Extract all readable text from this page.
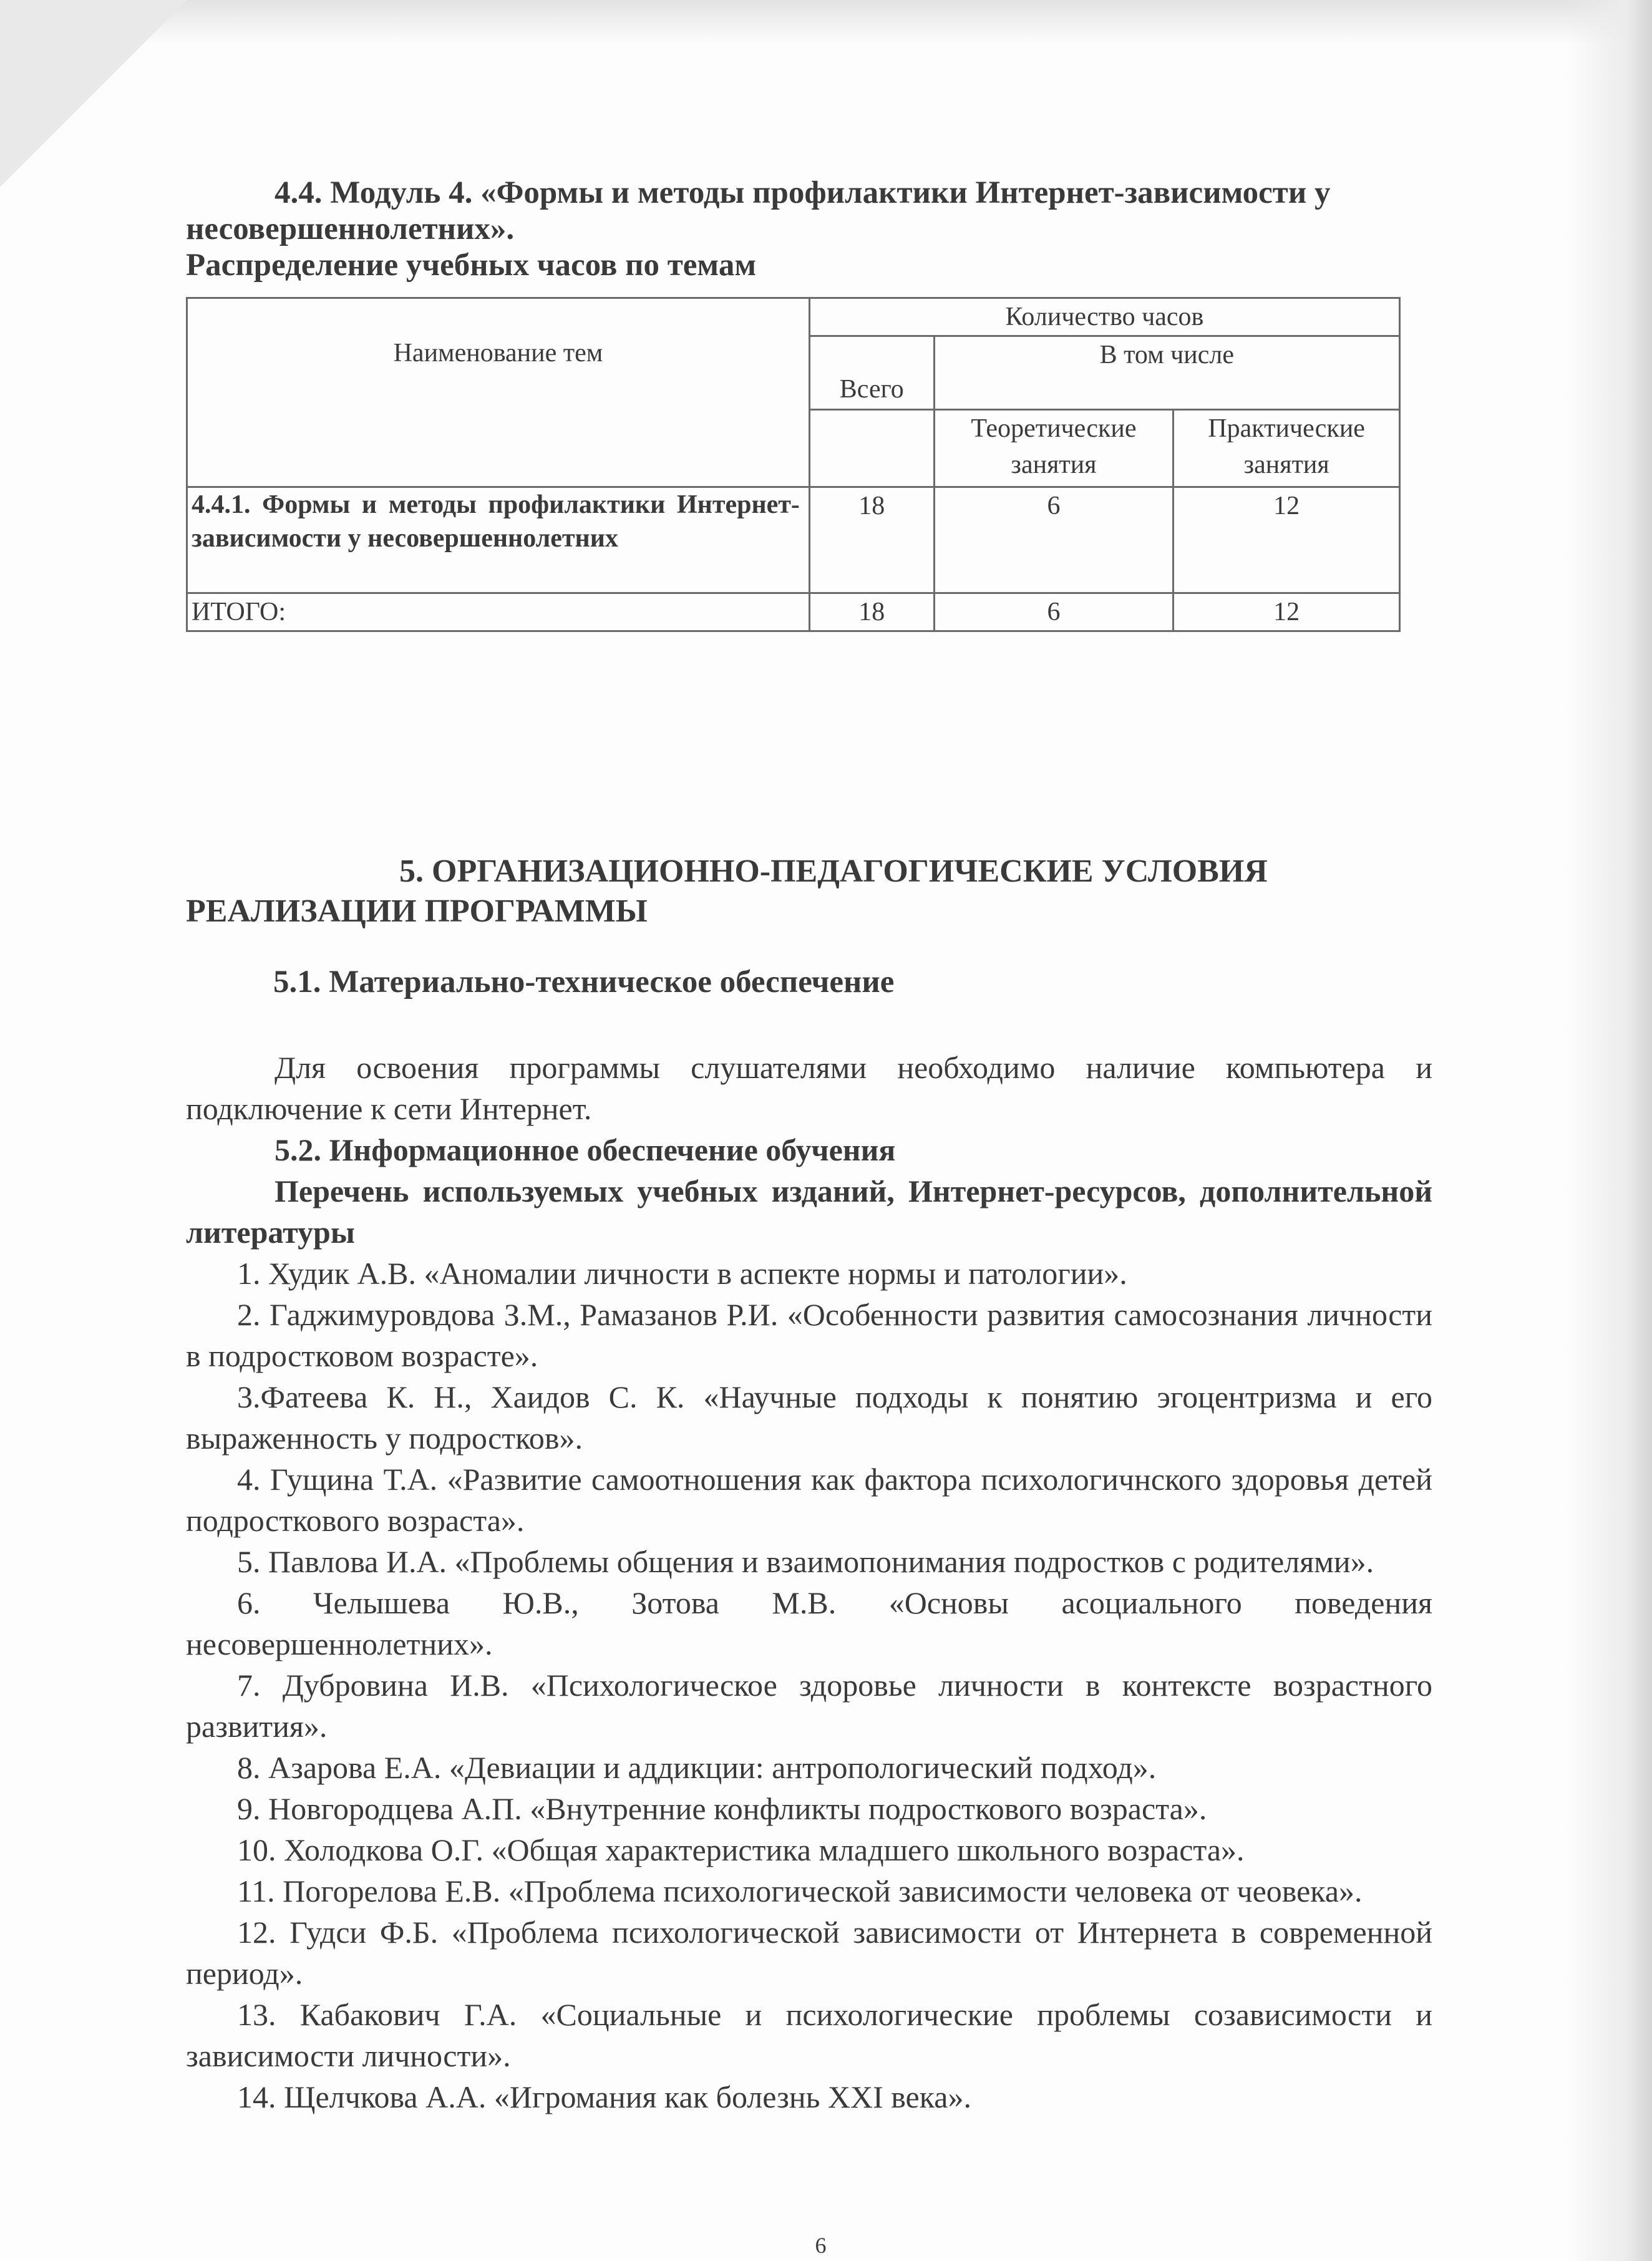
4.4. Модуль 4. «Формы и методы профилактики Интернет-зависимости у несовершеннолетних».

Распределение учебных часов по темам

Наименование тем	Количество часов		
	Всего	В том числе	
		Теоретические занятия	Практические занятия
4.4.1. Формы и методы профилактики Интернет-зависимости у несовершеннолетних	18	6	12
ИТОГО:	18	6	12

5. ОРГАНИЗАЦИОННО-ПЕДАГОГИЧЕСКИЕ УСЛОВИЯ РЕАЛИЗАЦИИ ПРОГРАММЫ

5.1. Материально-техническое обеспечение

Для освоения программы слушателями необходимо наличие компьютера и подключение к сети Интернет.

5.2. Информационное обеспечение обучения

Перечень используемых учебных изданий, Интернет-ресурсов, дополнительной литературы

1. Худик А.В. «Аномалии личности в аспекте нормы и патологии».

2. Гаджимуровдова З.М., Рамазанов Р.И. «Особенности развития самосознания личности в подростковом возрасте».

3.Фатеева К. Н., Хаидов С. К. «Научные подходы к понятию эгоцентризма и его выраженность у подростков».

4. Гущина Т.А. «Развитие самоотношения как фактора психологичнского здоровья детей подросткового возраста».

5. Павлова И.А. «Проблемы общения и взаимопонимания подростков с родителями».

6. Челышева Ю.В., Зотова М.В. «Основы асоциального поведения несовершеннолетних».

7. Дубровина И.В. «Психологическое здоровье личности в контексте возрастного развития».

8. Азарова Е.А. «Девиации и аддикции: антропологический подход».

9. Новгородцева А.П. «Внутренние конфликты подросткового возраста».

10. Холодкова О.Г. «Общая характеристика младшего школьного возраста».

11. Погорелова Е.В. «Проблема психологической зависимости человека от чеовека».

12. Гудси Ф.Б. «Проблема психологической зависимости от Интернета в современной период».

13. Кабакович Г.А. «Социальные и психологические проблемы созависимости и зависимости личности».

14. Щелчкова А.А. «Игромания как болезнь XXI века».

6
